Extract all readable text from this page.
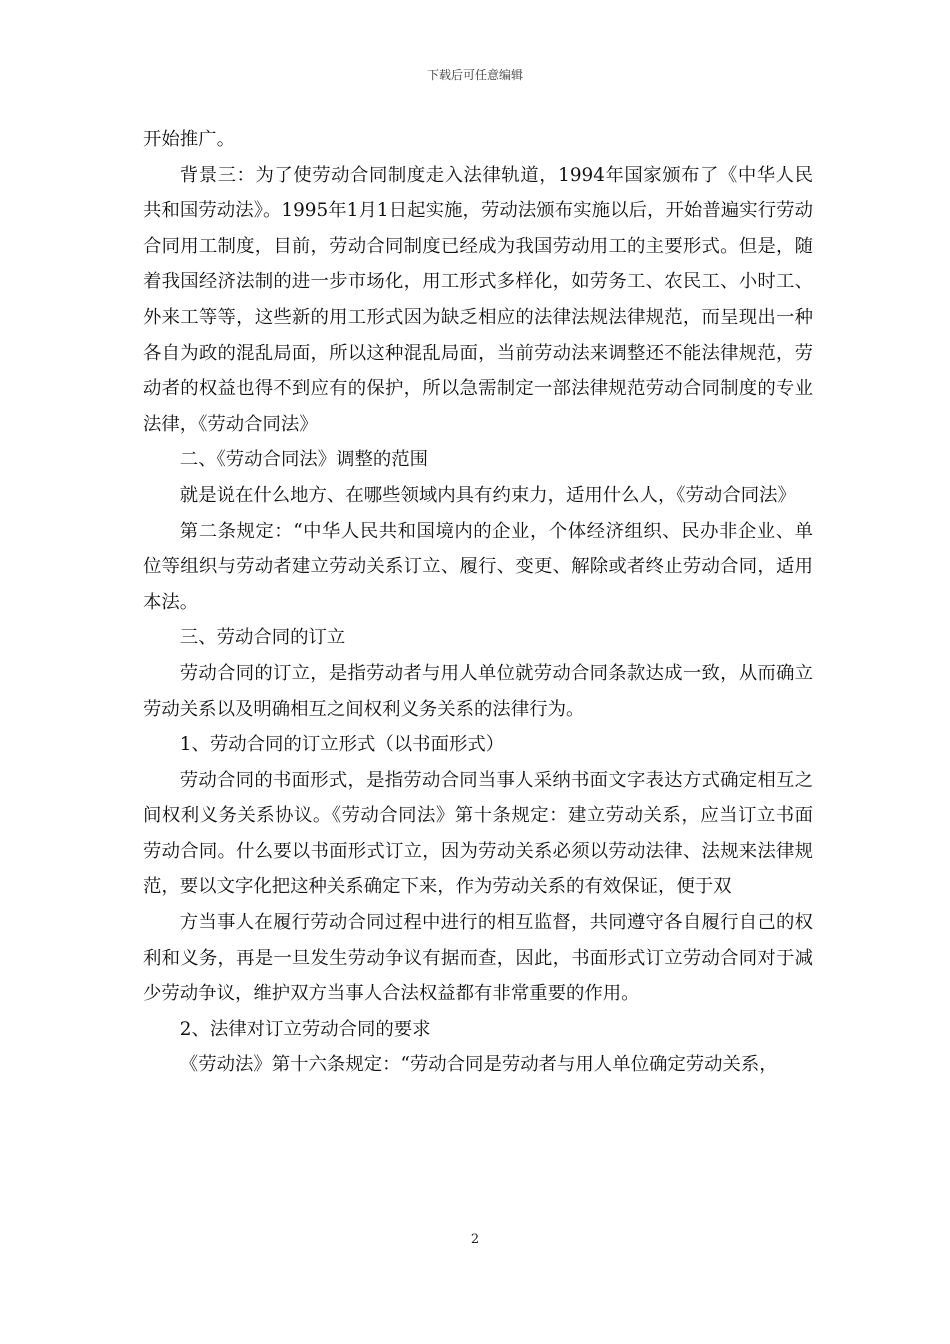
下载后可任意编辑

开始推广。

背景三：为了使劳动合同制度走入法律轨道，1994年国家颁布了《中华人民共和国劳动法》。1995年1月1日起实施，劳动法颁布实施以后，开始普遍实行劳动合同用工制度，目前，劳动合同制度已经成为我国劳动用工的主要形式。但是，随着我国经济法制的进一步市场化，用工形式多样化，如劳务工、农民工、小时工、外来工等等，这些新的用工形式因为缺乏相应的法律法规法律规范，而呈现出一种各自为政的混乱局面，所以这种混乱局面，当前劳动法来调整还不能法律规范，劳动者的权益也得不到应有的保护，所以急需制定一部法律规范劳动合同制度的专业法律，《劳动合同法》

二、《劳动合同法》调整的范围

就是说在什么地方、在哪些领域内具有约束力，适用什么人，《劳动合同法》

第二条规定：“中华人民共和国境内的企业，个体经济组织、民办非企业、单位等组织与劳动者建立劳动关系订立、履行、变更、解除或者终止劳动合同，适用本法。

三、劳动合同的订立

劳动合同的订立，是指劳动者与用人单位就劳动合同条款达成一致，从而确立劳动关系以及明确相互之间权利义务关系的法律行为。

1、劳动合同的订立形式（以书面形式）

劳动合同的书面形式，是指劳动合同当事人采纳书面文字表达方式确定相互之间权利义务关系协议。《劳动合同法》第十条规定：建立劳动关系，应当订立书面劳动合同。什么要以书面形式订立，因为劳动关系必须以劳动法律、法规来法律规范，要以文字化把这种关系确定下来，作为劳动关系的有效保证，便于双

方当事人在履行劳动合同过程中进行的相互监督，共同遵守各自履行自己的权利和义务，再是一旦发生劳动争议有据而查，因此，书面形式订立劳动合同对于减少劳动争议，维护双方当事人合法权益都有非常重要的作用。

2、法律对订立劳动合同的要求

《劳动法》第十六条规定：“劳动合同是劳动者与用人单位确定劳动关系，

2
